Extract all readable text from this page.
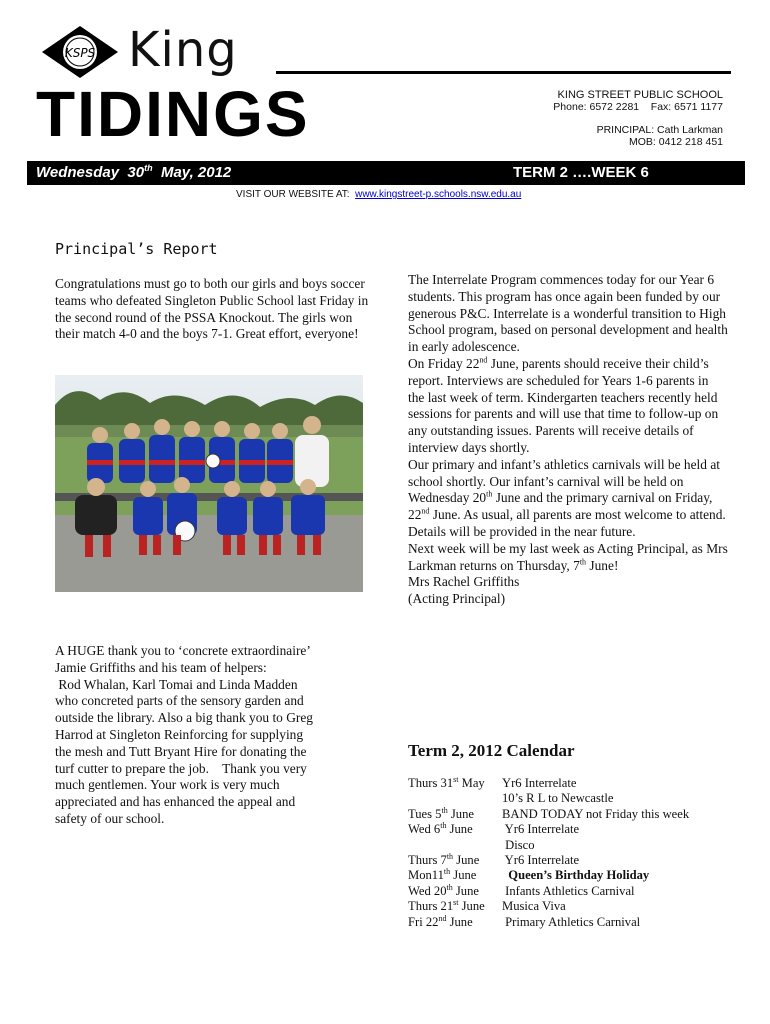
KSPS King
TIDINGS	KING STREET PUBLIC SCHOOL
Phone: 6572 2281    Fax: 6571 1177
PRINCIPAL: Cath Larkman
MOB: 0412 218 451
Wednesday  30th  May, 2012	TERM 2 ….WEEK 6
VISIT OUR WEBSITE AT:  www.kingstreet-p.schools.nsw.edu.au
Principal’s Report
Congratulations must go to both our girls and boys soccer teams who defeated Singleton Public School last Friday in the second round of the PSSA Knockout. The girls won their match 4-0 and the boys 7-1. Great effort, everyone!
A HUGE thank you to ‘concrete extraordinaire’
Jamie Griffiths and his team of helpers:
Rod Whalan, Karl Tomai and Linda Madden
who concreted parts of the sensory garden and
outside the library. Also a big thank you to Greg
Harrod at Singleton Reinforcing for supplying
the mesh and Tutt Bryant Hire for donating the
turf cutter to prepare the job.    Thank you very
much gentlemen. Your work is very much
appreciated and has enhanced the appeal and
safety of our school.
The Interrelate Program commences today for our Year 6 students. This program has once again been funded by our generous P&C. Interrelate is a wonderful transition to High School program, based on personal development and health in early adolescence.
On Friday 22nd June, parents should receive their child’s report. Interviews are scheduled for Years 1-6 parents in the last week of term. Kindergarten teachers recently held sessions for parents and will use that time to follow-up on any outstanding issues. Parents will receive details of interview days shortly.
Our primary and infant’s athletics carnivals will be held at school shortly. Our infant’s carnival will be held on Wednesday 20th June and the primary carnival on Friday, 22nd June. As usual, all parents are most welcome to attend. Details will be provided in the near future.
Next week will be my last week as Acting Principal, as Mrs Larkman returns on Thursday, 7th June!
Mrs Rachel Griffiths
(Acting Principal)
Term 2, 2012 Calendar
Thurs 31st May	Yr6 Interrelate
10’s R L to Newcastle
Tues 5th June	BAND TODAY not Friday this week
Wed 6th June	Yr6 Interrelate
Disco
Thurs 7th June	Yr6 Interrelate
Mon11th June	Queen’s Birthday Holiday
Wed 20th June	Infants Athletics Carnival
Thurs 21st June	Musica Viva
Fri 22nd June	Primary Athletics Carnival
